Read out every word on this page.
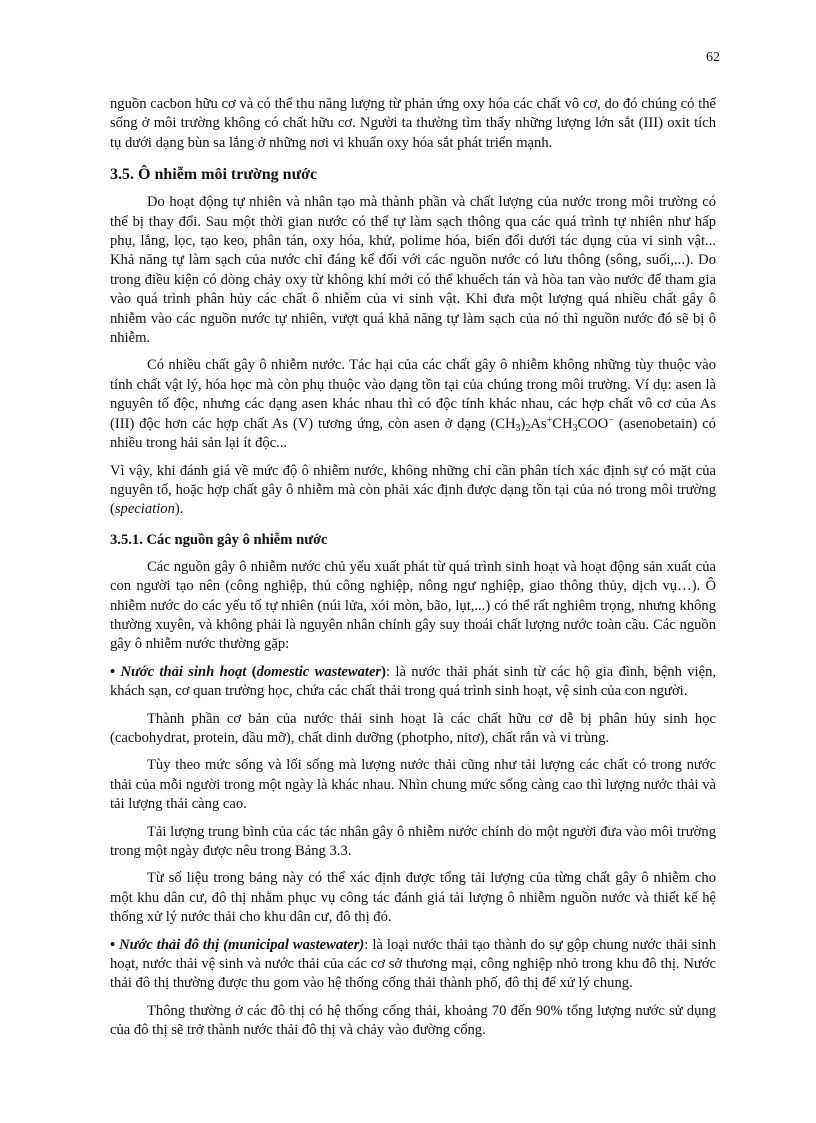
62

nguồn cacbon hữu cơ và có thể thu năng lượng từ phản ứng oxy hóa các chất vô cơ, do đó chúng có thể sống ở môi trường không có chất hữu cơ. Người ta thường tìm thấy những lượng lớn sắt (III) oxit tích tụ dưới dạng bùn sa lắng ở những nơi vi khuẩn oxy hóa sắt phát triển mạnh.

3.5. Ô nhiễm môi trường nước

Do hoạt động tự nhiên và nhân tạo mà thành phần và chất lượng của nước trong môi trường có thể bị thay đổi. Sau một thời gian nước có thể tự làm sạch thông qua các quá trình tự nhiên như hấp phụ, lắng, lọc, tạo keo, phân tán, oxy hóa, khử, polime hóa, biến đổi dưới tác dụng của vi sinh vật... Khả năng tự làm sạch của nước chỉ đáng kể đối với các nguồn nước có lưu thông (sông, suối,...). Do trong điều kiện có dòng chảy oxy từ không khí mới có thể khuếch tán và hòa tan vào nước để tham gia vào quá trình phân hủy các chất ô nhiễm của vi sinh vật. Khi đưa một lượng quá nhiều chất gây ô nhiễm vào các nguồn nước tự nhiên, vượt quá khả năng tự làm sạch của nó thì nguồn nước đó sẽ bị ô nhiễm.

Có nhiều chất gây ô nhiễm nước. Tác hại của các chất gây ô nhiễm không những tùy thuộc vào tính chất vật lý, hóa học mà còn phụ thuộc vào dạng tồn tại của chúng trong môi trường. Ví dụ: asen là nguyên tố độc, nhưng các dạng asen khác nhau thì có độc tính khác nhau, các hợp chất vô cơ của As (III) độc hơn các hợp chất As (V) tương ứng, còn asen ở dạng $(CH_3)_2As^+CH_3COO^-$ (asenobetain) có nhiều trong hải sản lại ít độc...

Vì vậy, khi đánh giá về mức độ ô nhiễm nước, không những chỉ cần phân tích xác định sự có mặt của nguyên tố, hoặc hợp chất gây ô nhiễm mà còn phải xác định được dạng tồn tại của nó trong môi trường (speciation).

3.5.1. Các nguồn gây ô nhiễm nước

Các nguồn gây ô nhiễm nước chủ yếu xuất phát từ quá trình sinh hoạt và hoạt động sản xuất của con người tạo nên (công nghiệp, thủ công nghiệp, nông ngư nghiệp, giao thông thủy, dịch vụ…). Ô nhiễm nước do các yếu tố tự nhiên (núi lửa, xói mòn, bão, lụt,...) có thể rất nghiêm trọng, nhưng không thường xuyên, và không phải là nguyên nhân chính gây suy thoái chất lượng nước toàn cầu. Các nguồn gây ô nhiễm nước thường gặp:

• Nước thải sinh hoạt (domestic wastewater): là nước thải phát sinh từ các hộ gia đình, bệnh viện, khách sạn, cơ quan trường học, chứa các chất thải trong quá trình sinh hoạt, vệ sinh của con người.

Thành phần cơ bản của nước thải sinh hoạt là các chất hữu cơ dễ bị phân hủy sinh học (cacbohydrat, protein, dầu mỡ), chất dinh dưỡng (photpho, nitơ), chất rắn và vi trùng.

Tùy theo mức sống và lối sống mà lượng nước thải cũng như tải lượng các chất có trong nước thải của mỗi người trong một ngày là khác nhau. Nhìn chung mức sống càng cao thì lượng nước thải và tải lượng thải càng cao.

Tải lượng trung bình của các tác nhân gây ô nhiễm nước chính do một người đưa vào môi trường trong một ngày được nêu trong Bảng 3.3.

Từ số liệu trong bảng này có thể xác định được tổng tải lượng của từng chất gây ô nhiễm cho một khu dân cư, đô thị nhằm phục vụ công tác đánh giá tải lượng ô nhiễm nguồn nước và thiết kế hệ thống xử lý nước thải cho khu dân cư, đô thị đó.

• Nước thải đô thị (municipal wastewater): là loại nước thải tạo thành do sự gộp chung nước thải sinh hoạt, nước thải vệ sinh và nước thải của các cơ sở thương mại, công nghiệp nhỏ trong khu đô thị. Nước thải đô thị thường được thu gom vào hệ thống cống thải thành phố, đô thị để xử lý chung.

Thông thường ở các đô thị có hệ thống cống thải, khoảng 70 đến 90% tổng lượng nước sử dụng của đô thị sẽ trở thành nước thải đô thị và chảy vào đường cống.
